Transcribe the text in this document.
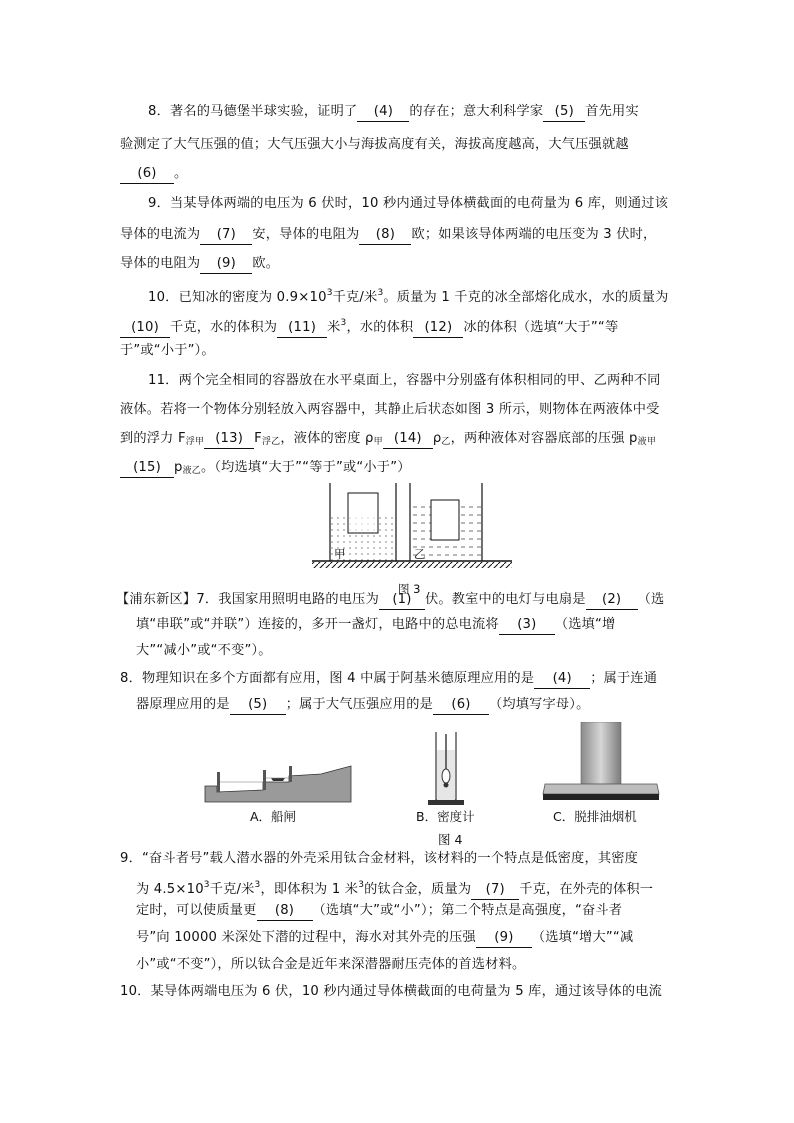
8．著名的马德堡半球实验，证明了 (4) 的存在；意大利科学家 (5) 首先用实
验测定了大气压强的值；大气压强大小与海拔高度有关，海拔高度越高，大气压强就越
(6) 。
9．当某导体两端的电压为 6 伏时，10 秒内通过导体横截面的电荷量为 6 库，则通过该
导体的电流为 (7) 安，导体的电阻为 (8) 欧；如果该导体两端的电压变为 3 伏时，
导体的电阻为 (9) 欧。
10．已知冰的密度为 $0.9\times 10^3$千克/米$^3$。质量为 1 千克的冰全部熔化成水，水的质量为
(10) 千克，水的体积为 (11) 米$^3$，水的体积 (12) 冰的体积（选填“大于”“等
于”或“小于”）。
11．两个完全相同的容器放在水平桌面上，容器中分别盛有体积相同的甲、乙两种不同
液体。若将一个物体分别轻放入两容器中，其静止后状态如图 3 所示，则物体在两液体中受
到的浮力 F浮甲 (13) F浮乙，液体的密度 ρ甲 (14) ρ乙，两种液体对容器底部的压强 p液甲
(15) p液乙。（均选填“大于”“等于”或“小于”）
甲	乙
图 3
【浦东新区】7．我国家用照明电路的电压为 (1) 伏。教室中的电灯与电扇是 (2) （选
填“串联”或“并联”）连接的，多开一盏灯，电路中的总电流将 (3) （选填“增
大”“减小”或“不变”）。
8．物理知识在多个方面都有应用，图 4 中属于阿基米德原理应用的是 (4) ；属于连通
器原理应用的是 (5) ；属于大气压强应用的是 (6) （均填写字母）。
A．船闸	B．密度计	C．脱排油烟机
图 4
9．“奋斗者号”载人潜水器的外壳采用钛合金材料，该材料的一个特点是低密度，其密度
为 $4.5\times 10^3$千克/米$^3$，即体积为 1 米$^3$的钛合金，质量为 (7) 千克，在外壳的体积一
定时，可以使质量更 (8) （选填“大”或“小”）；第二个特点是高强度，“奋斗者
号”向 10000 米深处下潜的过程中，海水对其外壳的压强 (9) （选填“增大”“减
小”或“不变”），所以钛合金是近年来深潜器耐压壳体的首选材料。
10．某导体两端电压为 6 伏，10 秒内通过导体横截面的电荷量为 5 库，通过该导体的电流
